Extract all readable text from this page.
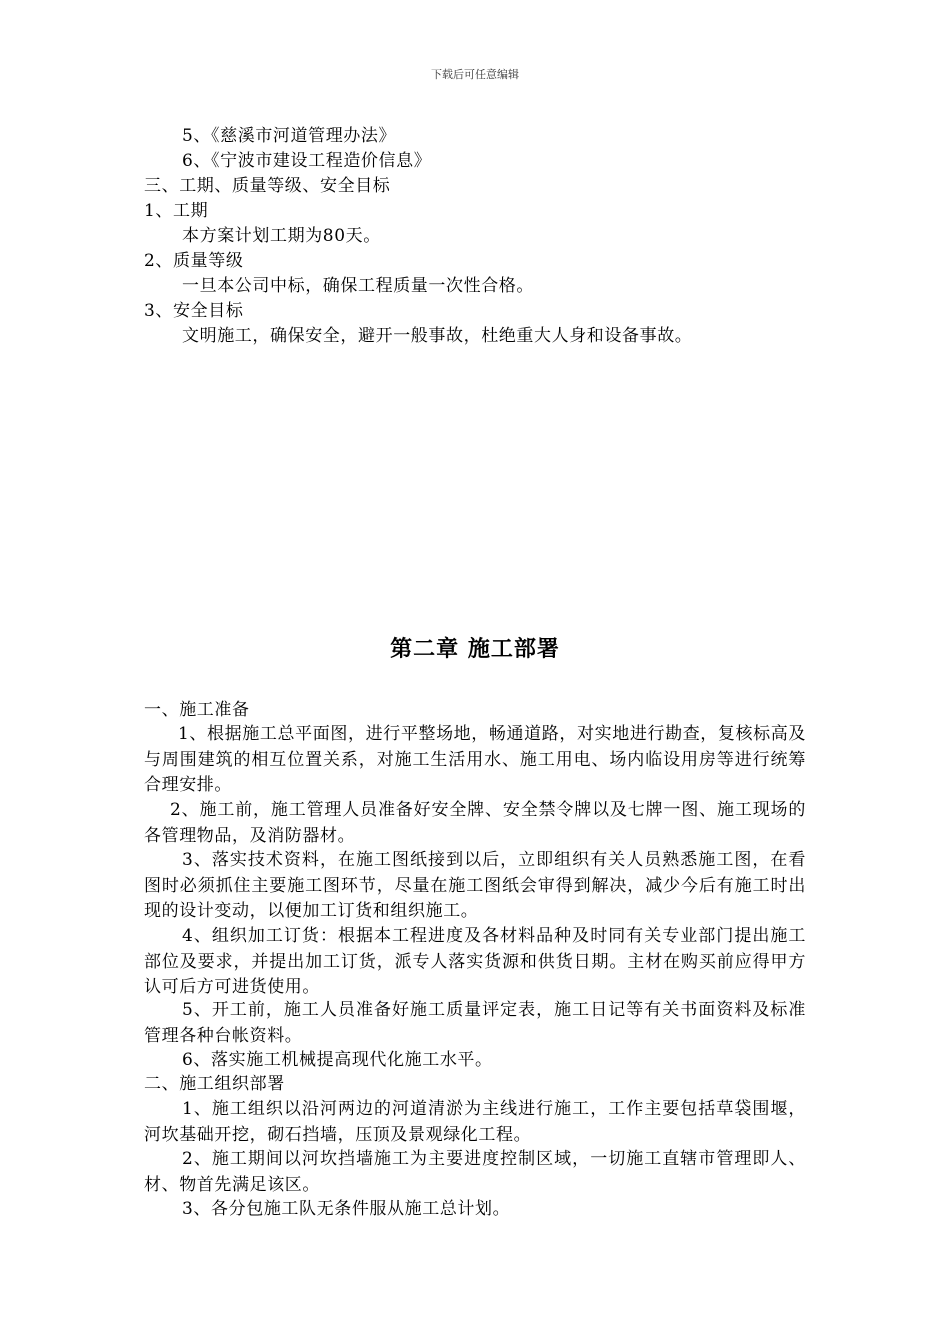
下载后可任意编辑
5、《慈溪市河道管理办法》
6、《宁波市建设工程造价信息》
三、工期、质量等级、安全目标
1、工期
本方案计划工期为80天。
2、质量等级
一旦本公司中标，确保工程质量一次性合格。
3、安全目标
文明施工，确保安全，避开一般事故，杜绝重大人身和设备事故。
第二章 施工部署
一、施工准备

1、根据施工总平面图，进行平整场地，畅通道路，对实地进行勘查，复核标高及与周围建筑的相互位置关系，对施工生活用水、施工用电、场内临设用房等进行统筹合理安排。

2、施工前，施工管理人员准备好安全牌、安全禁令牌以及七牌一图、施工现场的各管理物品，及消防器材。

3、落实技术资料，在施工图纸接到以后，立即组织有关人员熟悉施工图，在看图时必须抓住主要施工图环节，尽量在施工图纸会审得到解决，减少今后有施工时出现的设计变动，以便加工订货和组织施工。

4、组织加工订货：根据本工程进度及各材料品种及时同有关专业部门提出施工部位及要求，并提出加工订货，派专人落实货源和供货日期。主材在购买前应得甲方认可后方可进货使用。

5、开工前，施工人员准备好施工质量评定表，施工日记等有关书面资料及标准管理各种台帐资料。

6、落实施工机械提高现代化施工水平。

二、施工组织部署

1、施工组织以沿河两边的河道清淤为主线进行施工，工作主要包括草袋围堰，河坎基础开挖，砌石挡墙，压顶及景观绿化工程。

2、施工期间以河坎挡墙施工为主要进度控制区域，一切施工直辖市管理即人、材、物首先满足该区。

3、各分包施工队无条件服从施工总计划。
